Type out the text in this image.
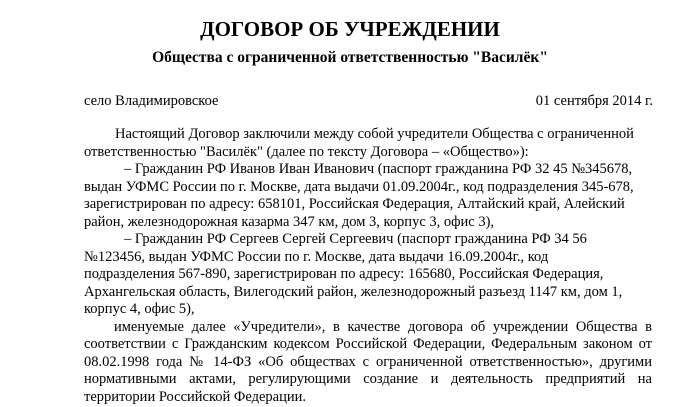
ДОГОВОР ОБ УЧРЕЖДЕНИИ
Общества с ограниченной ответственностью "Василёк"
село Владимировское	01 сентября 2014 г.
Настоящий Договор заключили между собой учредители Общества с ограниченной
ответственностью "Василёк" (далее по тексту Договора – «Общество»):
– Гражданин РФ Иванов Иван Иванович (паспорт гражданина РФ 32 45 №345678,
выдан УФМС России по г. Москве, дата выдачи 01.09.2004г., код подразделения 345-678,
зарегистрирован по адресу: 658101, Российская Федерация, Алтайский край, Алейский
район, железнодорожная казарма 347 км, дом 3, корпус 3, офис 3),
– Гражданин РФ Сергеев Сергей Сергеевич (паспорт гражданина РФ 34 56
№123456, выдан УФМС России по г. Москве, дата выдачи 16.09.2004г., код
подразделения 567-890, зарегистрирован по адресу: 165680, Российская Федерация,
Архангельская область, Вилегодский район, железнодорожный разъезд 1147 км, дом 1,
корпус 4, офис 5),
именуемые далее «Учредители», в качестве договора об учреждении Общества в
соответствии с Гражданским кодексом Российской Федерации, Федеральным законом от
08.02.1998 года № 14-ФЗ «Об обществах с ограниченной ответственностью», другими
нормативными актами, регулирующими создание и деятельность предприятий на
территории Российской Федерации.
